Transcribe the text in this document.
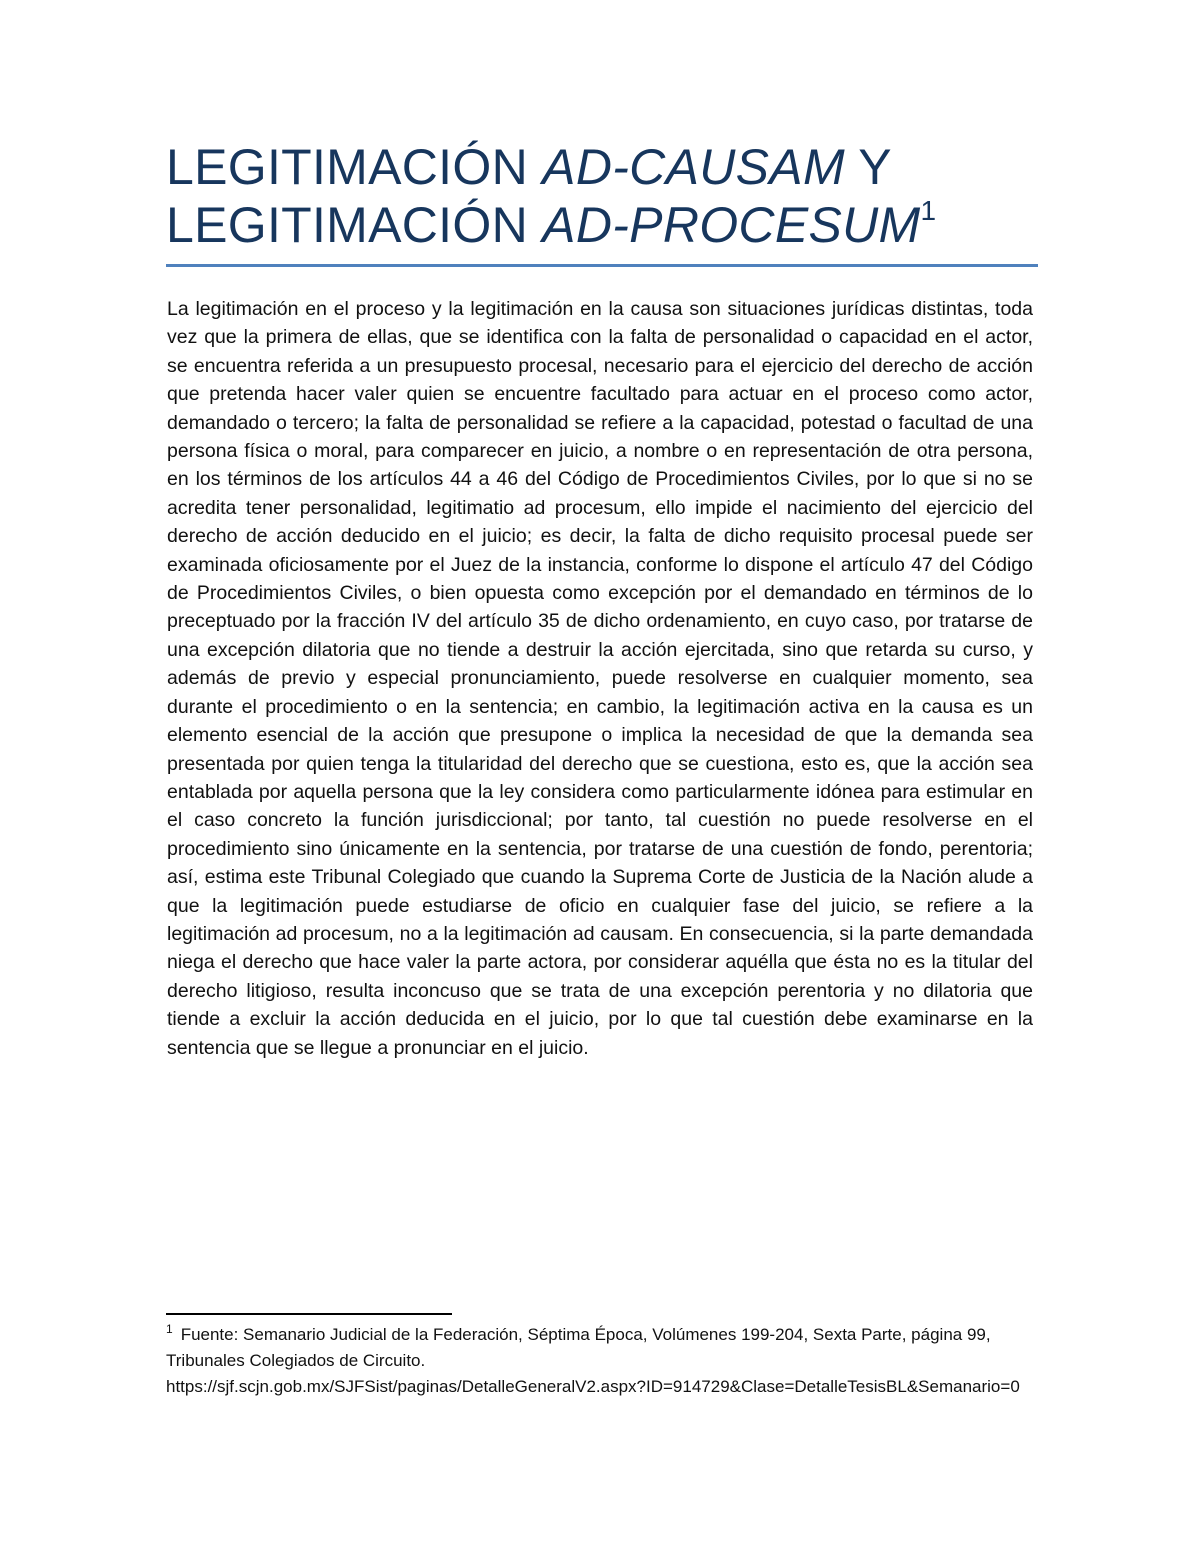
LEGITIMACIÓN AD-CAUSAM Y
LEGITIMACIÓN AD-PROCESUM$^1$

La legitimación en el proceso y la legitimación en la causa son situaciones jurídicas distintas, toda vez que la primera de ellas, que se identifica con la falta de personalidad o capacidad en el actor, se encuentra referida a un presupuesto procesal, necesario para el ejercicio del derecho de acción que pretenda hacer valer quien se encuentre facultado para actuar en el proceso como actor, demandado o tercero; la falta de personalidad se refiere a la capacidad, potestad o facultad de una persona física o moral, para comparecer en juicio, a nombre o en representación de otra persona, en los términos de los artículos 44 a 46 del Código de Procedimientos Civiles, por lo que si no se acredita tener personalidad, legitimatio ad procesum, ello impide el nacimiento del ejercicio del derecho de acción deducido en el juicio; es decir, la falta de dicho requisito procesal puede ser examinada oficiosamente por el Juez de la instancia, conforme lo dispone el artículo 47 del Código de Procedimientos Civiles, o bien opuesta como excepción por el demandado en términos de lo preceptuado por la fracción IV del artículo 35 de dicho ordenamiento, en cuyo caso, por tratarse de una excepción dilatoria que no tiende a destruir la acción ejercitada, sino que retarda su curso, y además de previo y especial pronunciamiento, puede resolverse en cualquier momento, sea durante el procedimiento o en la sentencia; en cambio, la legitimación activa en la causa es un elemento esencial de la acción que presupone o implica la necesidad de que la demanda sea presentada por quien tenga la titularidad del derecho que se cuestiona, esto es, que la acción sea entablada por aquella persona que la ley considera como particularmente idónea para estimular en el caso concreto la función jurisdiccional; por tanto, tal cuestión no puede resolverse en el procedimiento sino únicamente en la sentencia, por tratarse de una cuestión de fondo, perentoria; así, estima este Tribunal Colegiado que cuando la Suprema Corte de Justicia de la Nación alude a que la legitimación puede estudiarse de oficio en cualquier fase del juicio, se refiere a la legitimación ad procesum, no a la legitimación ad causam. En consecuencia, si la parte demandada niega el derecho que hace valer la parte actora, por considerar aquélla que ésta no es la titular del derecho litigioso, resulta inconcuso que se trata de una excepción perentoria y no dilatoria que tiende a excluir la acción deducida en el juicio, por lo que tal cuestión debe examinarse en la sentencia que se llegue a pronunciar en el juicio.

$^1$ Fuente: Semanario Judicial de la Federación, Séptima Época, Volúmenes 199-204, Sexta Parte, página 99, Tribunales Colegiados de Circuito.
https://sjf.scjn.gob.mx/SJFSist/paginas/DetalleGeneralV2.aspx?ID=914729&Clase=DetalleTesisBL&Semanario=0
